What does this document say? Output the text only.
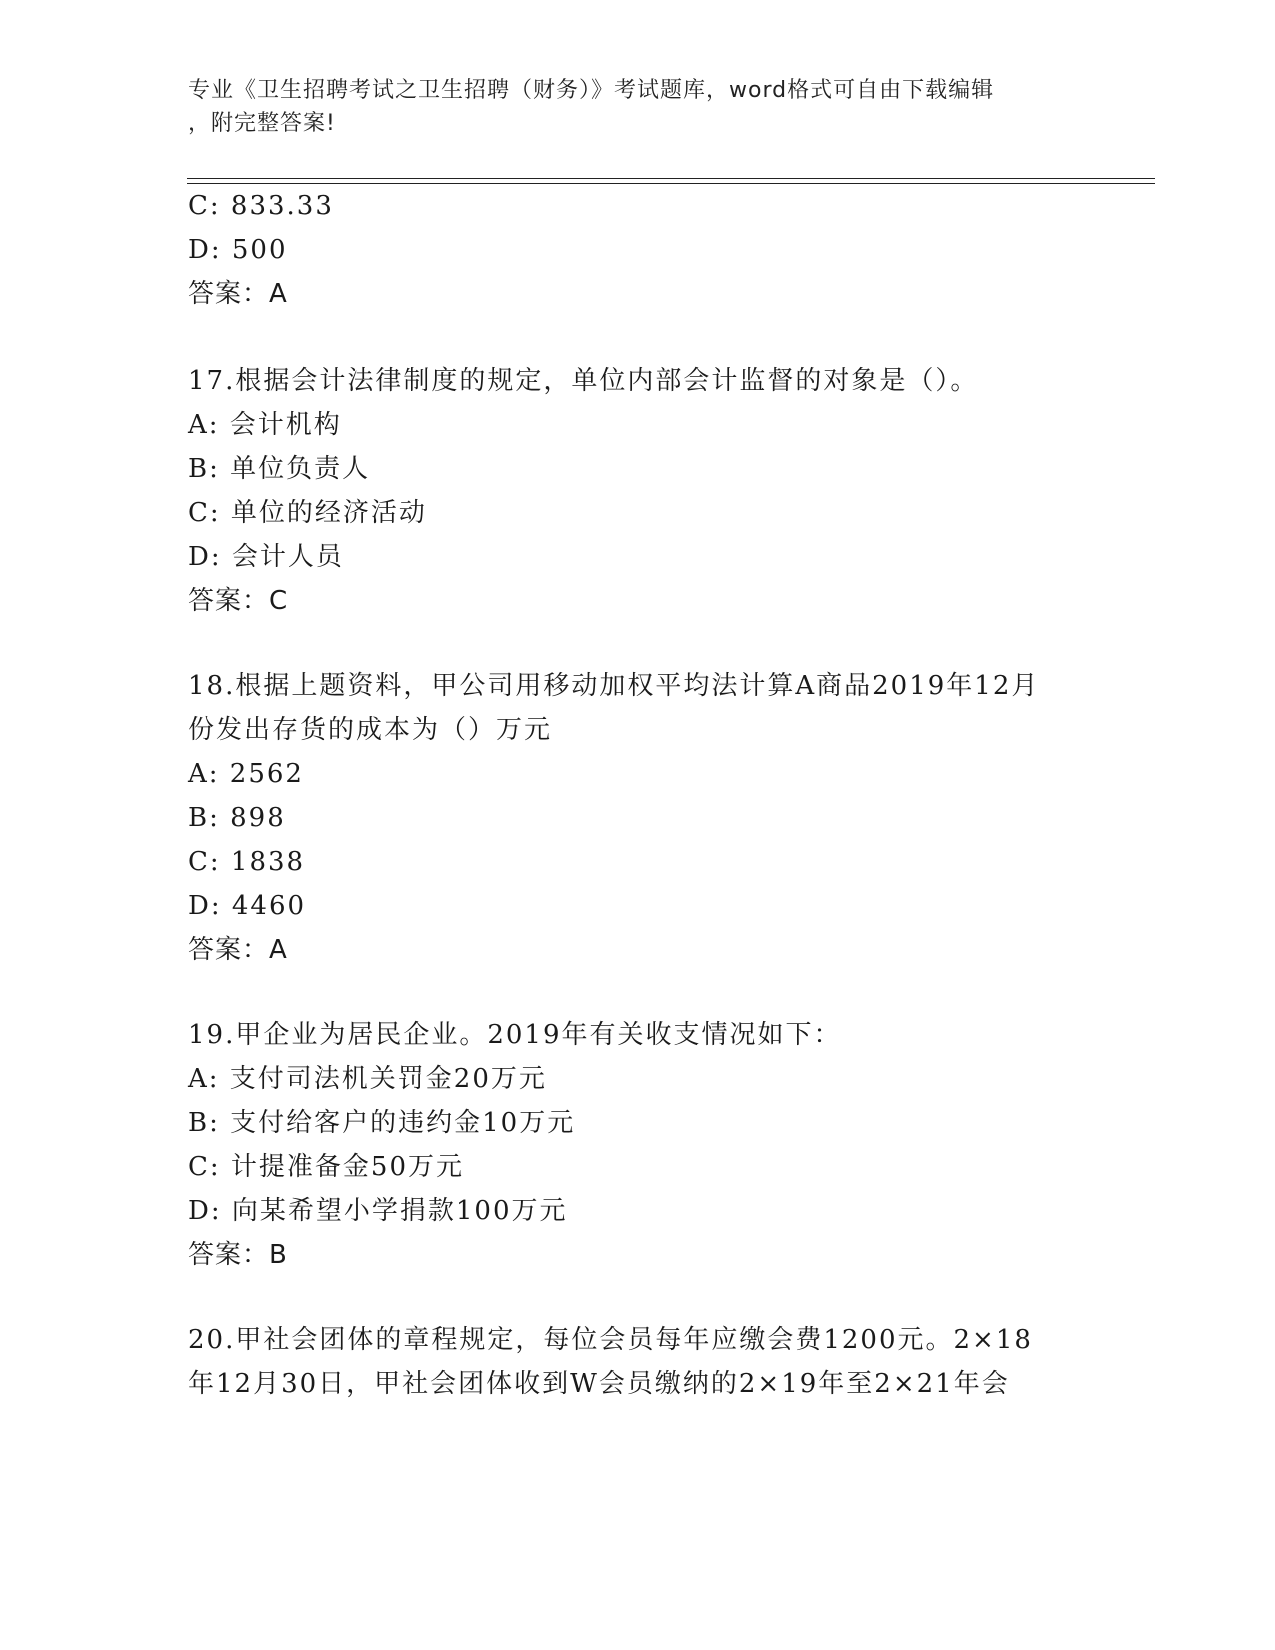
专业《卫生招聘考试之卫生招聘（财务）》考试题库，word格式可自由下载编辑
，附完整答案!
C: 833.33
D: 500
答案：A
17.根据会计法律制度的规定，单位内部会计监督的对象是（）。
A: 会计机构
B: 单位负责人
C: 单位的经济活动
D: 会计人员
答案：C
18.根据上题资料，甲公司用移动加权平均法计算A商品2019年12月
份发出存货的成本为（）万元
A: 2562
B: 898
C: 1838
D: 4460
答案：A
19.甲企业为居民企业。2019年有关收支情况如下：
A: 支付司法机关罚金20万元
B: 支付给客户的违约金10万元
C: 计提准备金50万元
D: 向某希望小学捐款100万元
答案：B
20.甲社会团体的章程规定，每位会员每年应缴会费1200元。2×18
年12月30日，甲社会团体收到W会员缴纳的2×19年至2×21年会
